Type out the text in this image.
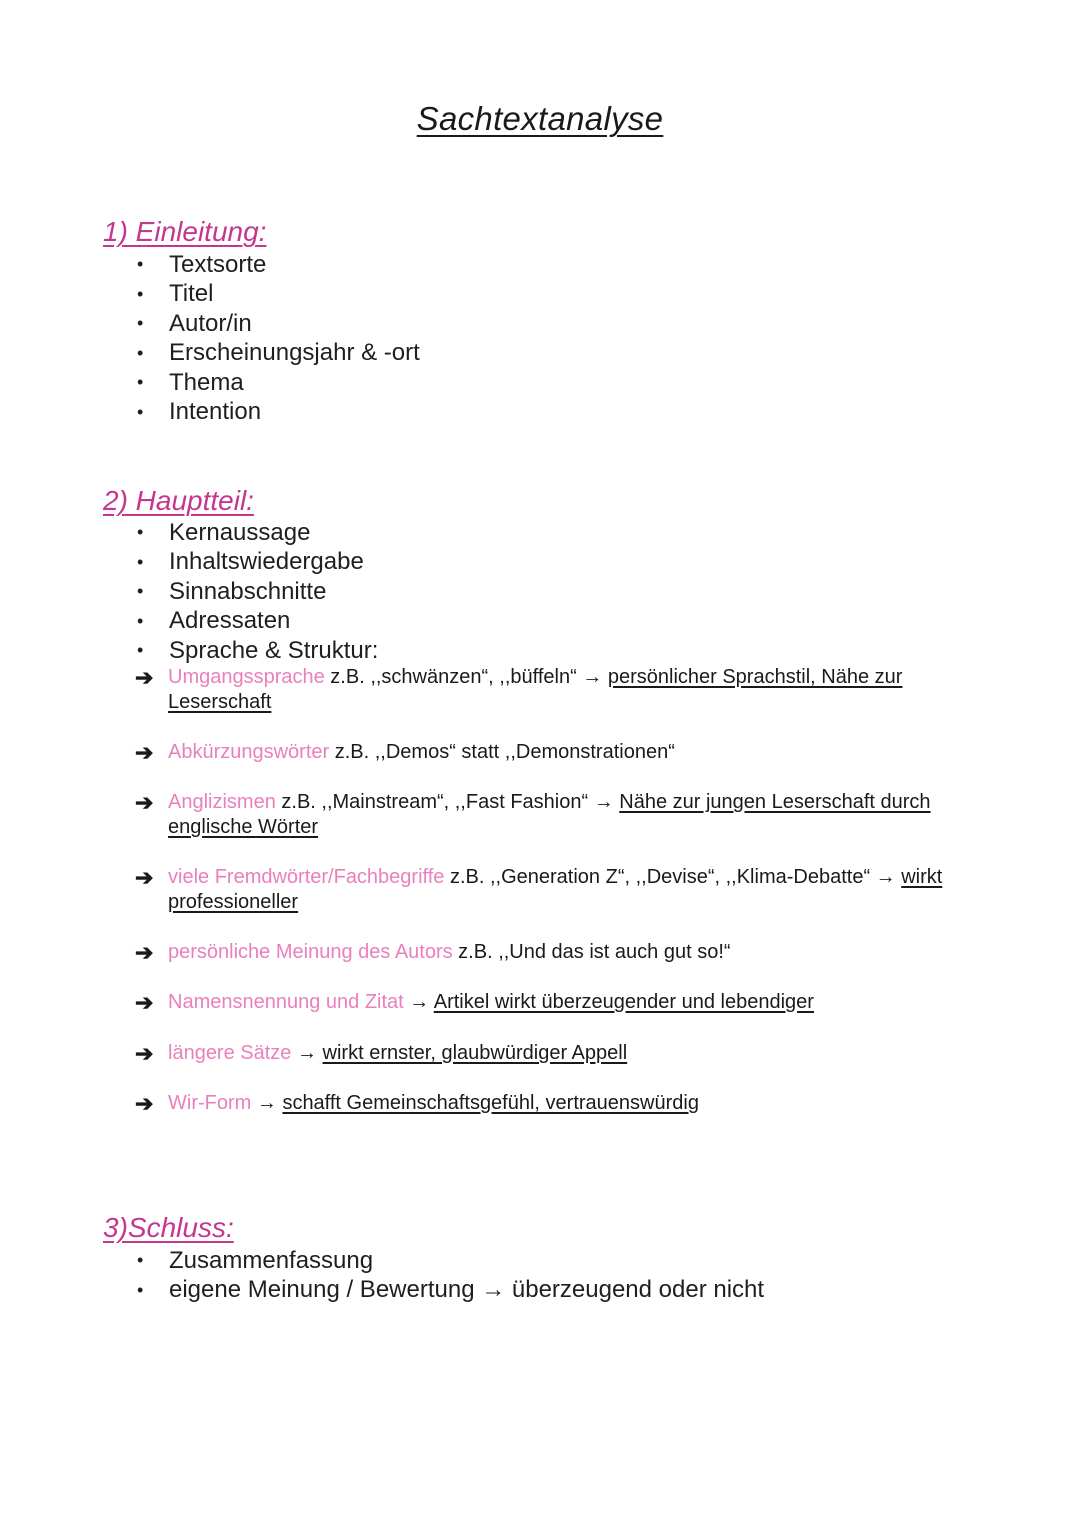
Sachtextanalyse
1) Einleitung:
•	Textsorte
•	Titel
•	Autor/in
•	Erscheinungsjahr & -ort
•	Thema
•	Intention
2) Hauptteil:
•	Kernaussage
•	Inhaltswiedergabe
•	Sinnabschnitte
•	Adressaten
•	Sprache & Struktur:
➔ Umgangssprache z.B. ,,schwänzen“, ,,büffeln“ → persönlicher Sprachstil, Nähe zur Leserschaft
➔ Abkürzungswörter z.B. ,,Demos“ statt ,,Demonstrationen“
➔ Anglizismen z.B. ,,Mainstream“, ,,Fast Fashion“ → Nähe zur jungen Leserschaft durch englische Wörter
➔ viele Fremdwörter/Fachbegriffe z.B. ,,Generation Z“, ,,Devise“, ,,Klima-Debatte“ → wirkt professioneller
➔ persönliche Meinung des Autors z.B. ,,Und das ist auch gut so!“
➔ Namensnennung und Zitat → Artikel wirkt überzeugender und lebendiger
➔ längere Sätze → wirkt ernster, glaubwürdiger Appell
➔ Wir-Form → schafft Gemeinschaftsgefühl, vertrauenswürdig
3)Schluss:
•	Zusammenfassung
•	eigene Meinung / Bewertung → überzeugend oder nicht
